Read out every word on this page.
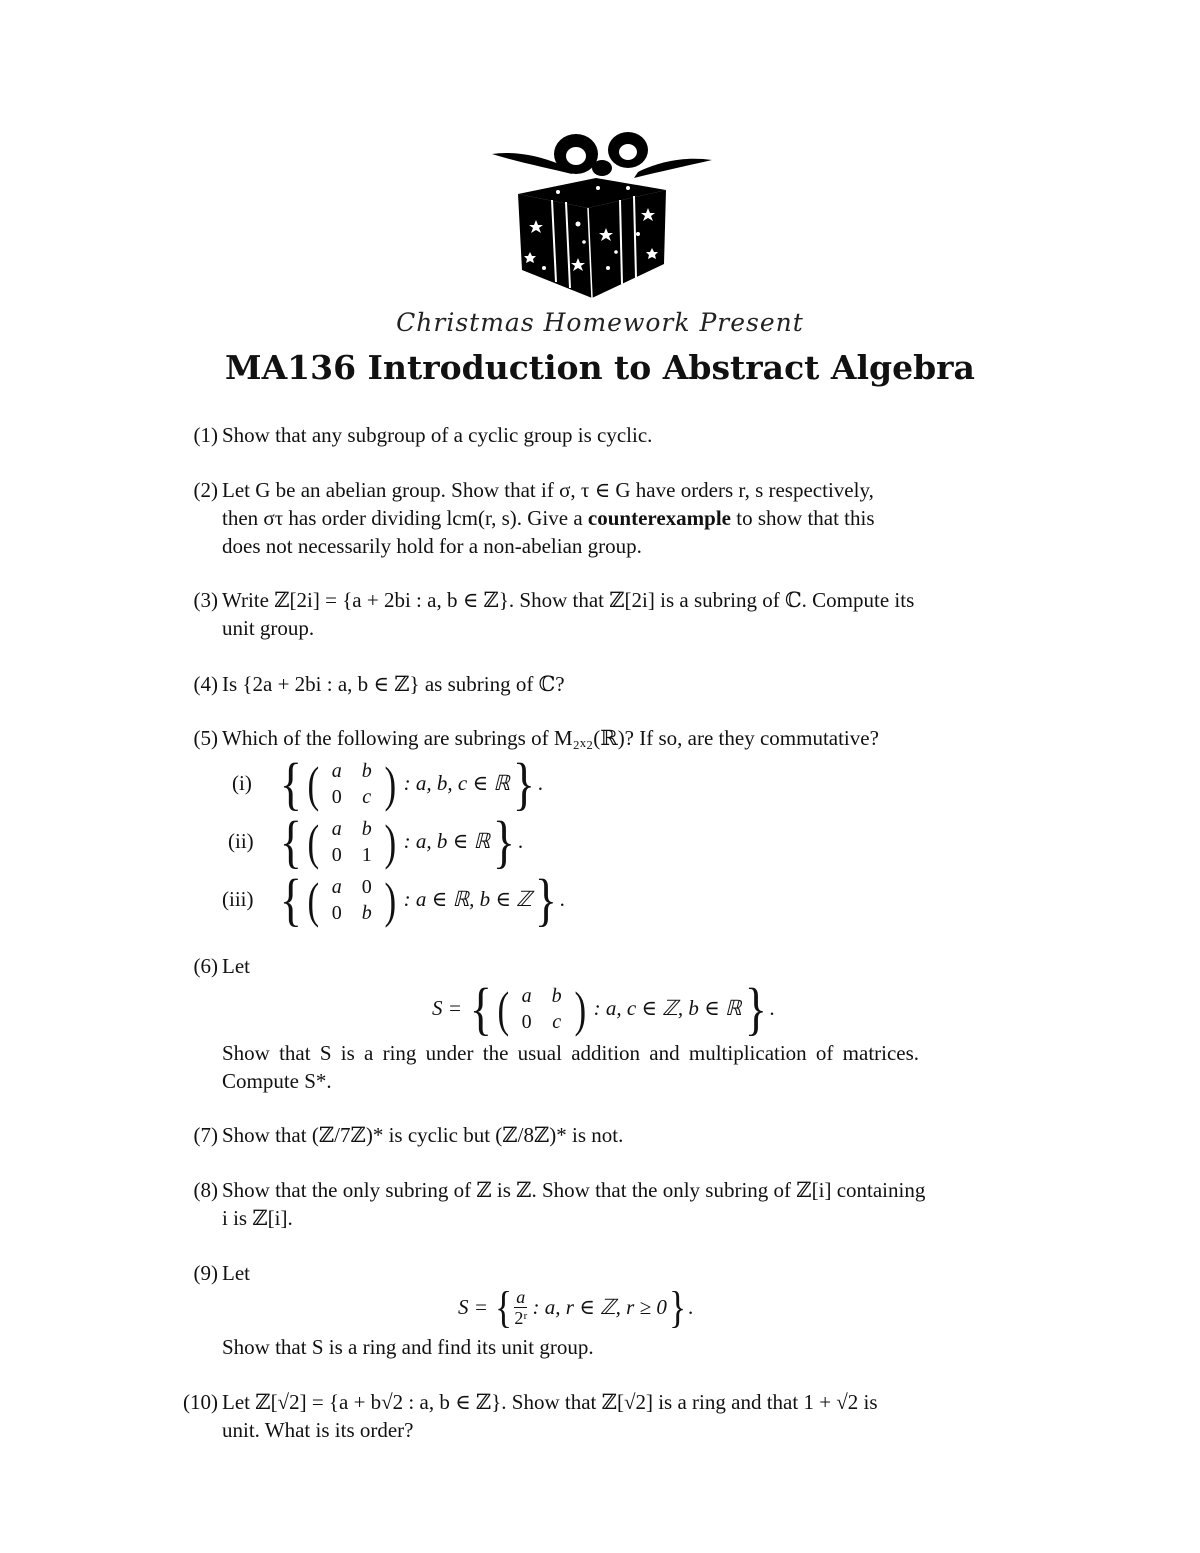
Christmas Homework Present
MA136 Introduction to Abstract Algebra
(1) Show that any subgroup of a cyclic group is cyclic.
(2) Let G be an abelian group. Show that if σ, τ ∈ G have orders r, s respectively,
then στ has order dividing lcm(r, s). Give a counterexample to show that this
does not necessarily hold for a non-abelian group.
(3) Write ℤ[2i] = {a + 2bi : a, b ∈ ℤ}. Show that ℤ[2i] is a subring of ℂ. Compute its
unit group.
(4) Is {2a + 2bi : a, b ∈ ℤ} as subring of ℂ?
(5) Which of the following are subrings of M₂ₓ₂(ℝ)? If so, are they commutative?
(i) { ( a	b
0	c ) : a, b, c ∈ ℝ} .
(ii) { ( a	b
0	1 ) : a, b ∈ ℝ} .
(iii) { ( a	0
0	b ) : a ∈ ℝ, b ∈ ℤ} .
(6) Let
S = { ( a	b
0	c ) : a, c ∈ ℤ, b ∈ ℝ} .
Show that S is a ring under the usual addition and multiplication of matrices.
Compute S*.
(7) Show that (ℤ/7ℤ)* is cyclic but (ℤ/8ℤ)* is not.
(8) Show that the only subring of ℤ is ℤ. Show that the only subring of ℤ[i] containing
i is ℤ[i].
(9) Let
S = { $\frac{a}{\text{2ʳ}}$ : a, r ∈ ℤ, r ≥ 0} .
Show that S is a ring and find its unit group.
(10) Let ℤ[√2] = {a + b√2 : a, b ∈ ℤ}. Show that ℤ[√2] is a ring and that 1 + √2 is
unit. What is its order?
